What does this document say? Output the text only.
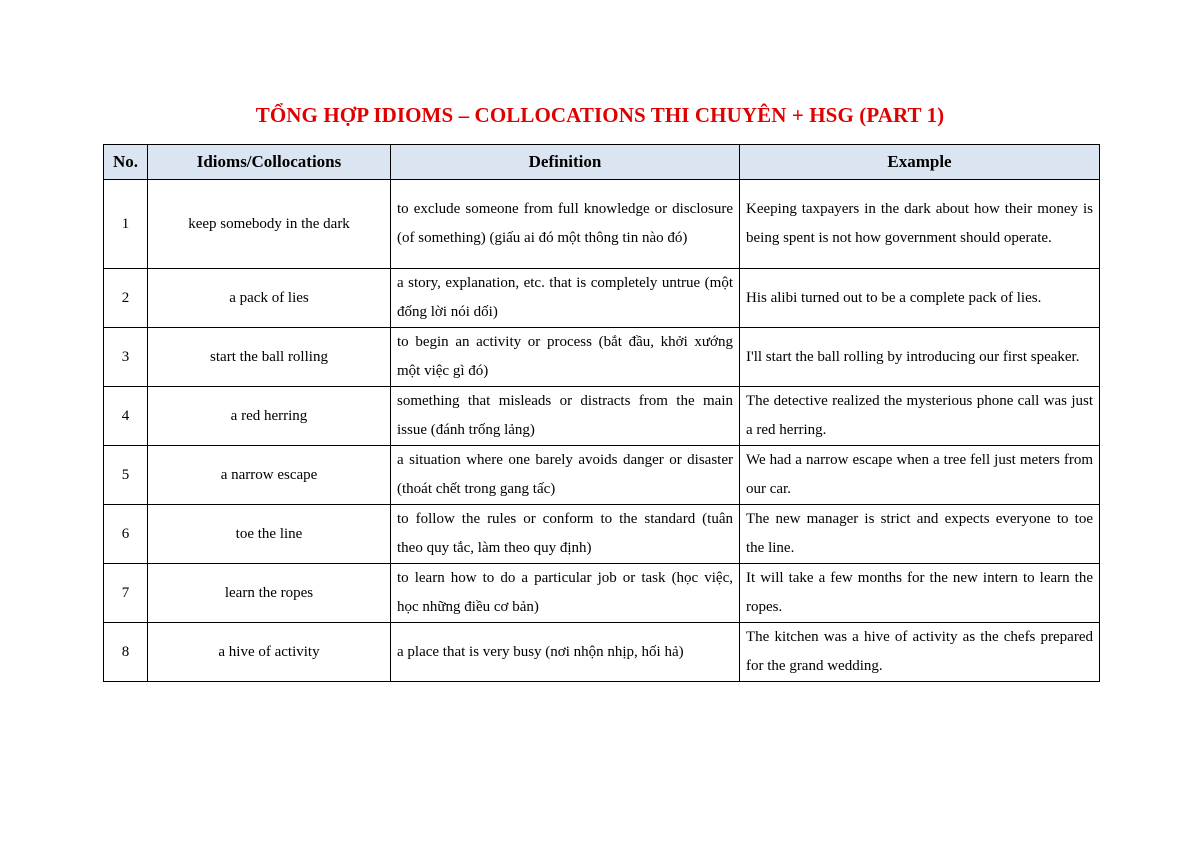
TỔNG HỢP IDIOMS – COLLOCATIONS THI CHUYÊN + HSG (PART 1)
No.	Idioms/Collocations	Definition	Example
1	keep somebody in the dark	to exclude someone from full knowledge or disclosure (of something) (giấu ai đó một thông tin nào đó)	Keeping taxpayers in the dark about how their money is being spent is not how government should operate.
2	a pack of lies	a story, explanation, etc. that is completely untrue (một đống lời nói dối)	His alibi turned out to be a complete pack of lies.
3	start the ball rolling	to begin an activity or process (bắt đầu, khởi xướng một việc gì đó)	I'll start the ball rolling by introducing our first speaker.
4	a red herring	something that misleads or distracts from the main issue (đánh trống lảng)	The detective realized the mysterious phone call was just a red herring.
5	a narrow escape	a situation where one barely avoids danger or disaster (thoát chết trong gang tấc)	We had a narrow escape when a tree fell just meters from our car.
6	toe the line	to follow the rules or conform to the standard (tuân theo quy tắc, làm theo quy định)	The new manager is strict and expects everyone to toe the line.
7	learn the ropes	to learn how to do a particular job or task (học việc, học những điều cơ bản)	It will take a few months for the new intern to learn the ropes.
8	a hive of activity	a place that is very busy (nơi nhộn nhịp, hối hả)	The kitchen was a hive of activity as the chefs prepared for the grand wedding.
